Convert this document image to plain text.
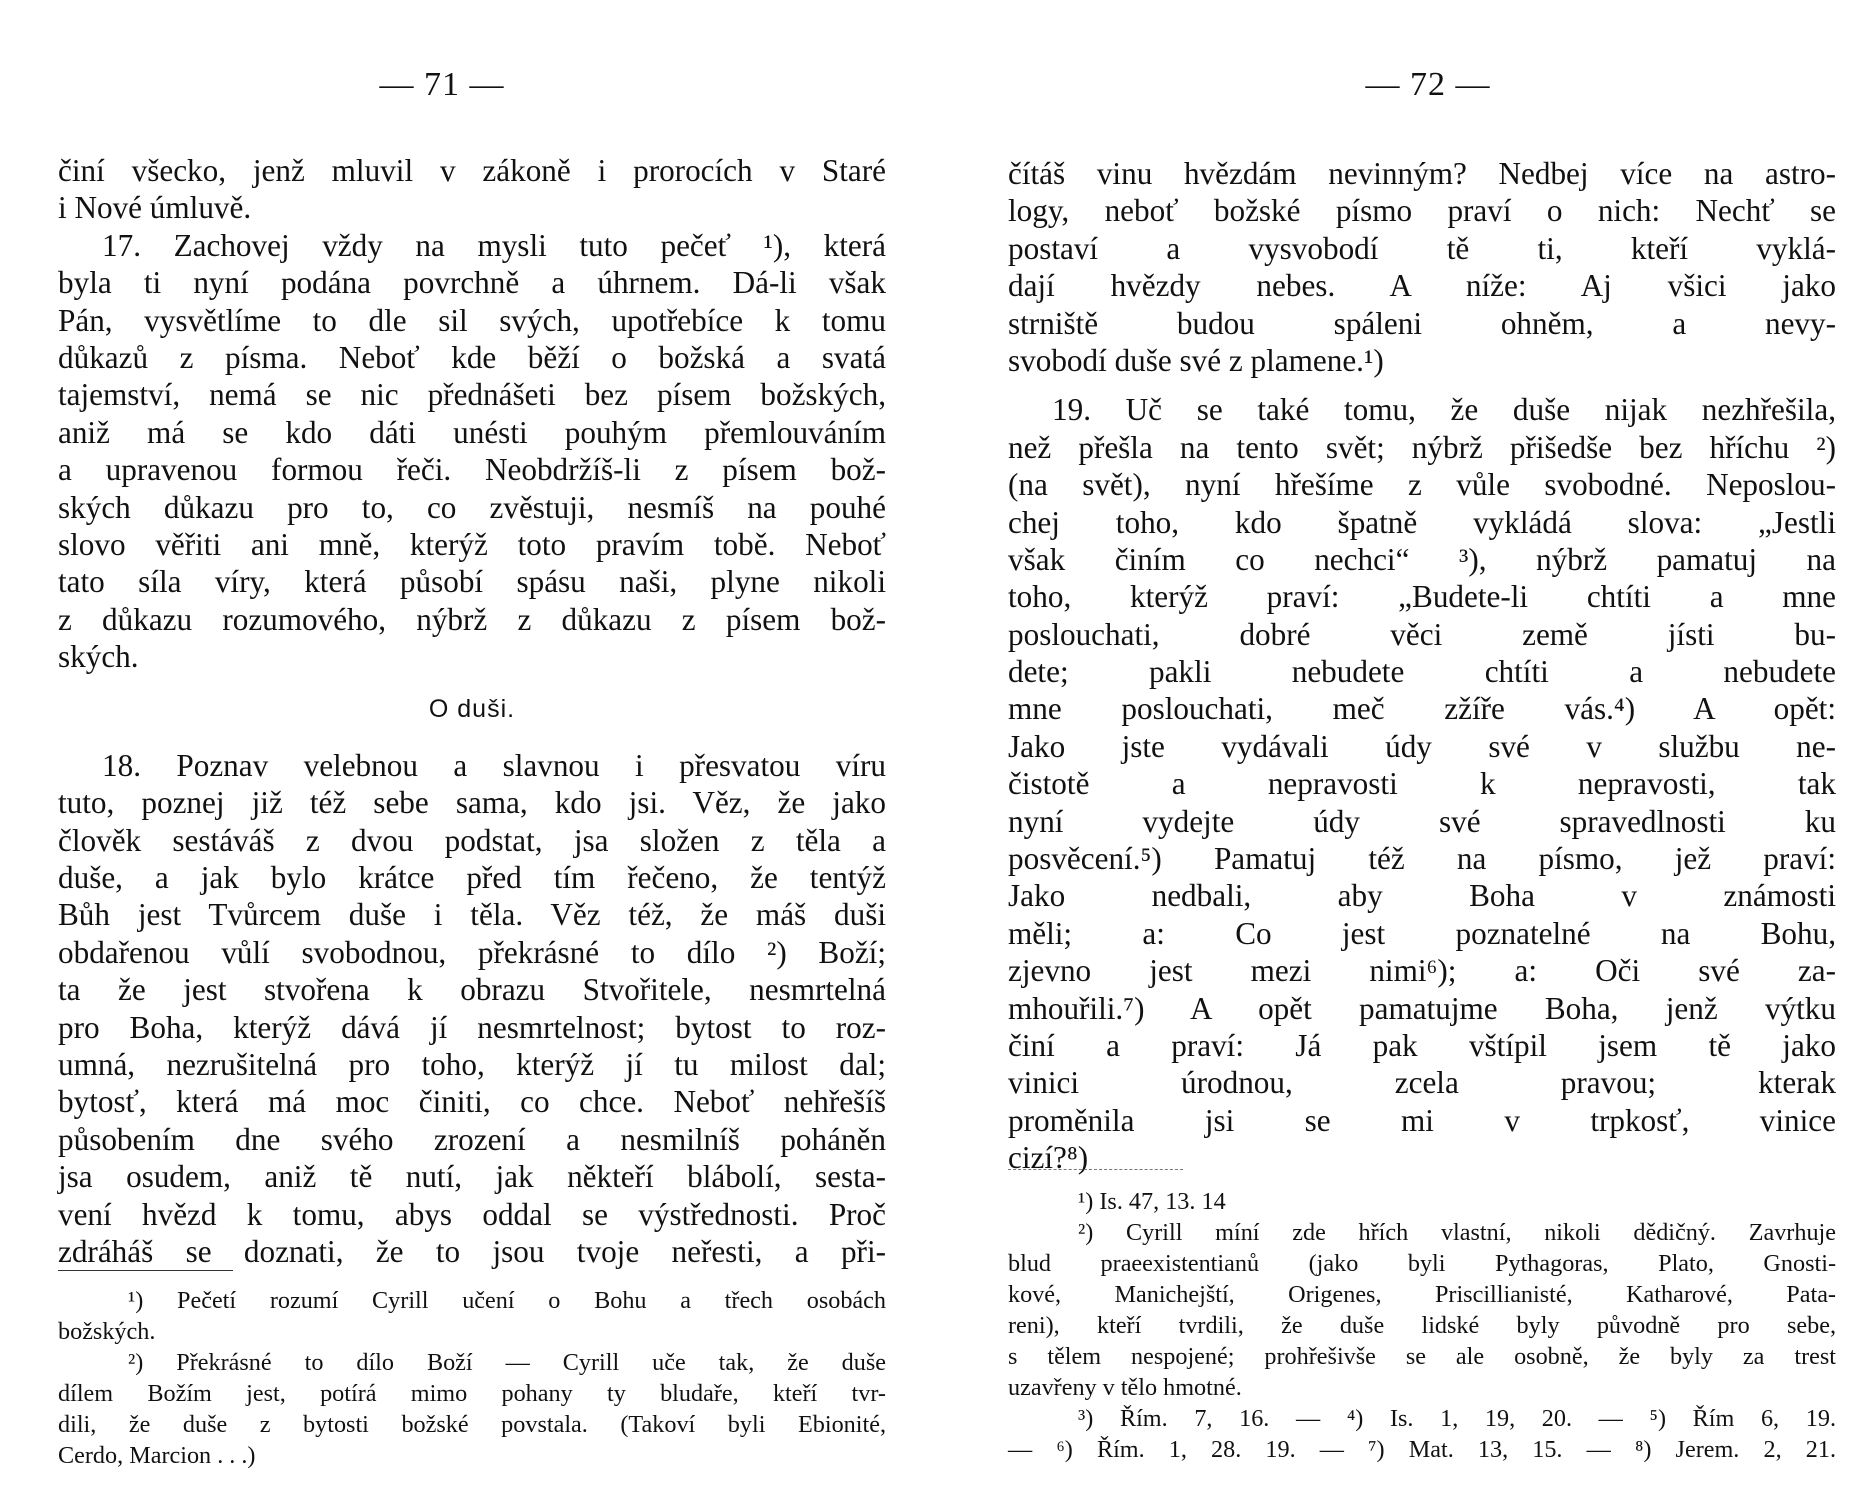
— 71 —
činí všecko, jenž mluvil v zákoně i prorocích v Staré
i Nové úmluvě.
17. Zachovej vždy na mysli tuto pečeť ¹), která
byla ti nyní podána povrchně a úhrnem. Dá-li však
Pán, vysvětlíme to dle sil svých, upotřebíce k tomu
důkazů z písma. Neboť kde běží o božská a svatá
tajemství, nemá se nic přednášeti bez písem božských,
aniž má se kdo dáti unésti pouhým přemlouváním
a upravenou formou řeči. Neobdržíš-li z písem bož-
ských důkazu pro to, co zvěstuji, nesmíš na pouhé
slovo věřiti ani mně, kterýž toto pravím tobě. Neboť
tato síla víry, která působí spásu naši, plyne nikoli
z důkazu rozumového, nýbrž z důkazu z písem bož-
ských.
O duši.
18. Poznav velebnou a slavnou i přesvatou víru
tuto, poznej již též sebe sama, kdo jsi. Věz, že jako
člověk sestáváš z dvou podstat, jsa složen z těla a
duše, a jak bylo krátce před tím řečeno, že tentýž
Bůh jest Tvůrcem duše i těla. Věz též, že máš duši
obdařenou vůlí svobodnou, překrásné to dílo ²) Boží;
ta že jest stvořena k obrazu Stvořitele, nesmrtelná
pro Boha, kterýž dává jí nesmrtelnost; bytost to roz-
umná, nezrušitelná pro toho, kterýž jí tu milost dal;
bytosť, která má moc činiti, co chce. Neboť nehřešíš
působením dne svého zrození a nesmilníš poháněn
jsa osudem, aniž tě nutí, jak někteří blábolí, sesta-
vení hvězd k tomu, abys oddal se výstřednosti. Proč
zdráháš se doznati, že to jsou tvoje neřesti, a při-
¹) Pečetí rozumí Cyrill učení o Bohu a třech osobách
božských.
²) Překrásné to dílo Boží — Cyrill uče tak, že duše
dílem Božím jest, potírá mimo pohany ty bludaře, kteří tvr-
dili, že duše z bytosti božské povstala. (Takoví byli Ebionité,
Cerdo, Marcion . . .)
— 72 —
čítáš vinu hvězdám nevinným? Nedbej více na astro-
logy, neboť božské písmo praví o nich: Nechť se
postaví a vysvobodí tě ti, kteří vyklá-
dají hvězdy nebes. A níže: Aj všici jako
strniště budou spáleni ohněm, a nevy-
svobodí duše své z plamene.¹)
19. Uč se také tomu, že duše nijak nezhřešila,
než přešla na tento svět; nýbrž přišedše bez hříchu ²)
(na svět), nyní hřešíme z vůle svobodné. Neposlou-
chej toho, kdo špatně vykládá slova: „Jestli
však činím co nechci“ ³), nýbrž pamatuj na
toho, kterýž praví: „Budete-li chtíti a mne
poslouchati, dobré věci země jísti bu-
dete; pakli nebudete chtíti a nebudete
mne poslouchati, meč zžíře vás.⁴) A opět:
Jako jste vydávali údy své v službu ne-
čistotě a nepravosti k nepravosti, tak
nyní vydejte údy své spravedlnosti ku
posvěcení.⁵) Pamatuj též na písmo, jež praví:
Jako nedbali, aby Boha v známosti
měli; a: Co jest poznatelné na Bohu,
zjevno jest mezi nimi⁶); a: Oči své za-
mhouřili.⁷) A opět pamatujme Boha, jenž výtku
činí a praví: Já pak vštípil jsem tě jako
vinici úrodnou, zcela pravou; kterak
proměnila jsi se mi v trpkosť, vinice
cizí?⁸)
¹) Is. 47, 13. 14
²) Cyrill míní zde hřích vlastní, nikoli dědičný. Zavrhuje
blud praeexistentianů (jako byli Pythagoras, Plato, Gnosti-
kové, Manichejští, Origenes, Priscillianisté, Katharové, Pata-
reni), kteří tvrdili, že duše lidské byly původně pro sebe,
s tělem nespojené; prohřešivše se ale osobně, že byly za trest
uzavřeny v tělo hmotné.
³) Řím. 7, 16. — ⁴) Is. 1, 19, 20. — ⁵) Řím 6, 19.
— ⁶) Řím. 1, 28. 19. — ⁷) Mat. 13, 15. — ⁸) Jerem. 2, 21.
